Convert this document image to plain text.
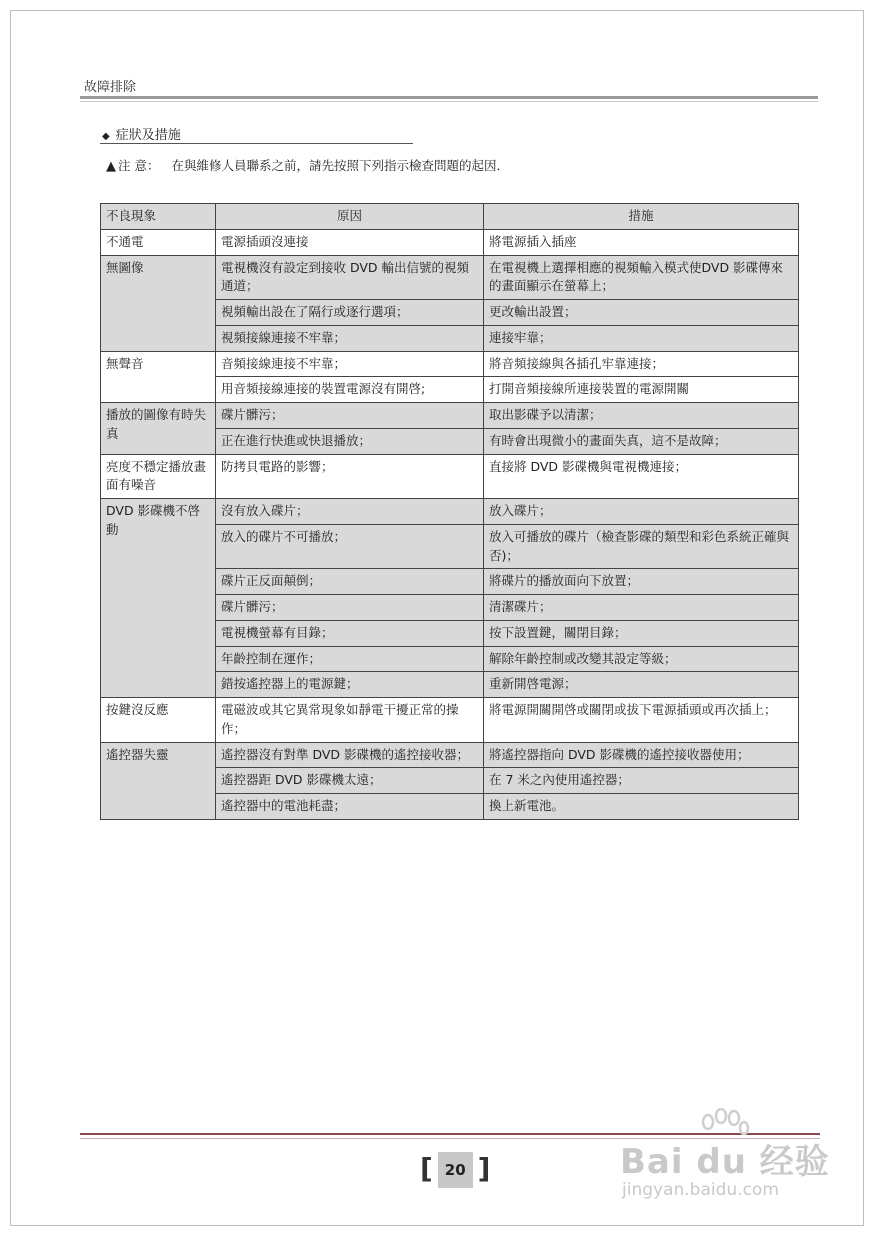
故障排除
◆ 症狀及措施
▲ 注 意： 在與維修人員聯系之前，請先按照下列指示檢查問題的起因．
不良現象	原因	措施
不通電	電源插頭沒連接	將電源插入插座
無圖像	電視機沒有設定到接收 DVD 輸出信號的視頻通道；	在電視機上選擇相應的視頻輸入模式使DVD 影碟傳來的畫面顯示在螢幕上；
	視頻輸出設在了隔行或逐行選項；	更改輸出設置；
	視頻接線連接不牢靠；	連接牢靠；
無聲音	音頻接線連接不牢靠；	將音頻接線與各插孔牢靠連接；
	用音頻接線連接的裝置電源沒有開啓;	打開音頻接線所連接裝置的電源開關
播放的圖像有時失真	碟片髒污；	取出影碟予以清潔；
	正在進行快進或快退播放；	有時會出現微小的畫面失真，這不是故障；
亮度不穩定播放畫面有噪音	防拷貝電路的影響；	直接將 DVD 影碟機與電視機連接；
DVD 影碟機不啓動	沒有放入碟片；	放入碟片；
	放入的碟片不可播放；	放入可播放的碟片（檢查影碟的類型和彩色系統正確與否)；
	碟片正反面顛倒；	將碟片的播放面向下放置；
	碟片髒污；	清潔碟片；
	電視機螢幕有目錄；	按下設置鍵，關閉目錄；
	年齡控制在運作；	解除年齡控制或改變其設定等級；
	錯按遙控器上的電源鍵；	重新開啓電源；
按鍵沒反應	電磁波或其它異常現象如靜電干擾正常的操作；	將電源開關開啓或關閉或拔下電源插頭或再次插上；
遙控器失靈	遙控器沒有對準 DVD 影碟機的遙控接收器；	將遙控器指向 DVD 影碟機的遙控接收器使用；
	遙控器距 DVD 影碟機太遠；	在 7 米之內使用遙控器；
	遙控器中的電池耗盡；	換上新電池。
[ 20 ]	Bai du 经验
jingyan.baidu.com
